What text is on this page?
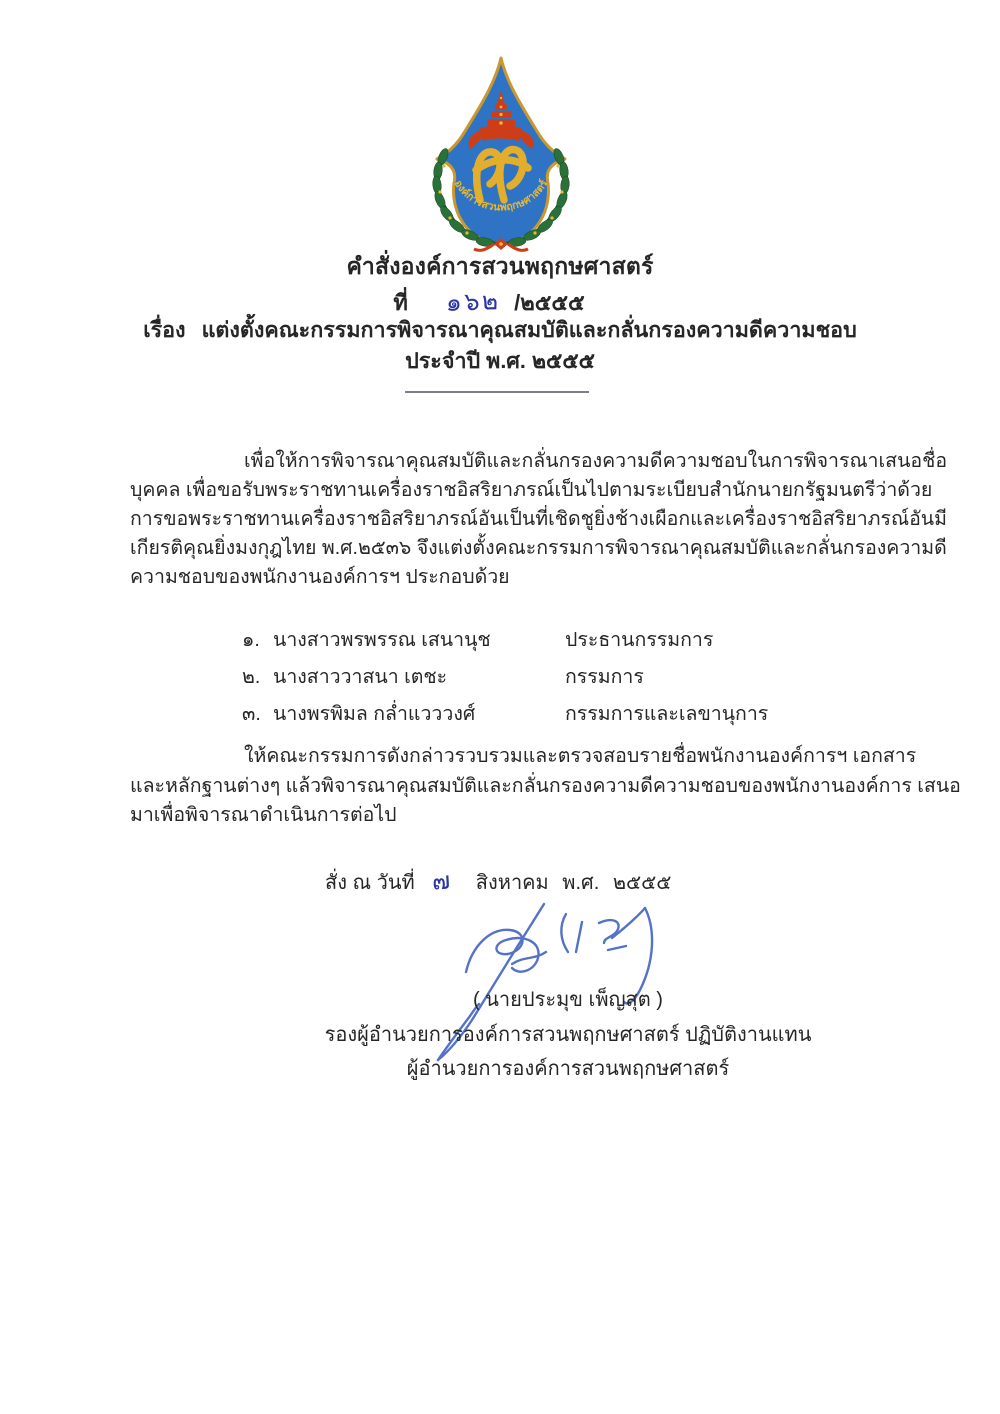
องค์การสวนพฤกษศาสตร์
คำสั่งองค์การสวนพฤกษศาสตร์
ที่ ๑๖๒ /๒๕๕๕
เรื่อง แต่งตั้งคณะกรรมการพิจารณาคุณสมบัติและกลั่นกรองความดีความชอบ
ประจำปี พ.ศ. ๒๕๕๕
เพื่อให้การพิจารณาคุณสมบัติและกลั่นกรองความดีความชอบในการพิจารณาเสนอชื่อ
บุคคล เพื่อขอรับพระราชทานเครื่องราชอิสริยาภรณ์เป็นไปตามระเบียบสำนักนายกรัฐมนตรีว่าด้วย
การขอพระราชทานเครื่องราชอิสริยาภรณ์อันเป็นที่เชิดชูยิ่งช้างเผือกและเครื่องราชอิสริยาภรณ์อันมี
เกียรติคุณยิ่งมงกุฎไทย พ.ศ.๒๕๓๖ จึงแต่งตั้งคณะกรรมการพิจารณาคุณสมบัติและกลั่นกรองความดี
ความชอบของพนักงานองค์การฯ ประกอบด้วย
๑. นางสาวพรพรรณ เสนานุช	ประธานกรรมการ
๒. นางสาววาสนา เตชะ	กรรมการ
๓. นางพรพิมล กล่ำแวววงศ์	กรรมการและเลขานุการ
ให้คณะกรรมการดังกล่าวรวบรวมและตรวจสอบรายชื่อพนักงานองค์การฯ เอกสาร
และหลักฐานต่างๆ แล้วพิจารณาคุณสมบัติและกลั่นกรองความดีความชอบของพนักงานองค์การ เสนอ
มาเพื่อพิจารณาดำเนินการต่อไป
สั่ง ณ วันที่ ๗ สิงหาคม พ.ศ. ๒๕๕๕
( นายประมุข เพ็ญสุต )
รองผู้อำนวยการองค์การสวนพฤกษศาสตร์ ปฏิบัติงานแทน
ผู้อำนวยการองค์การสวนพฤกษศาสตร์
